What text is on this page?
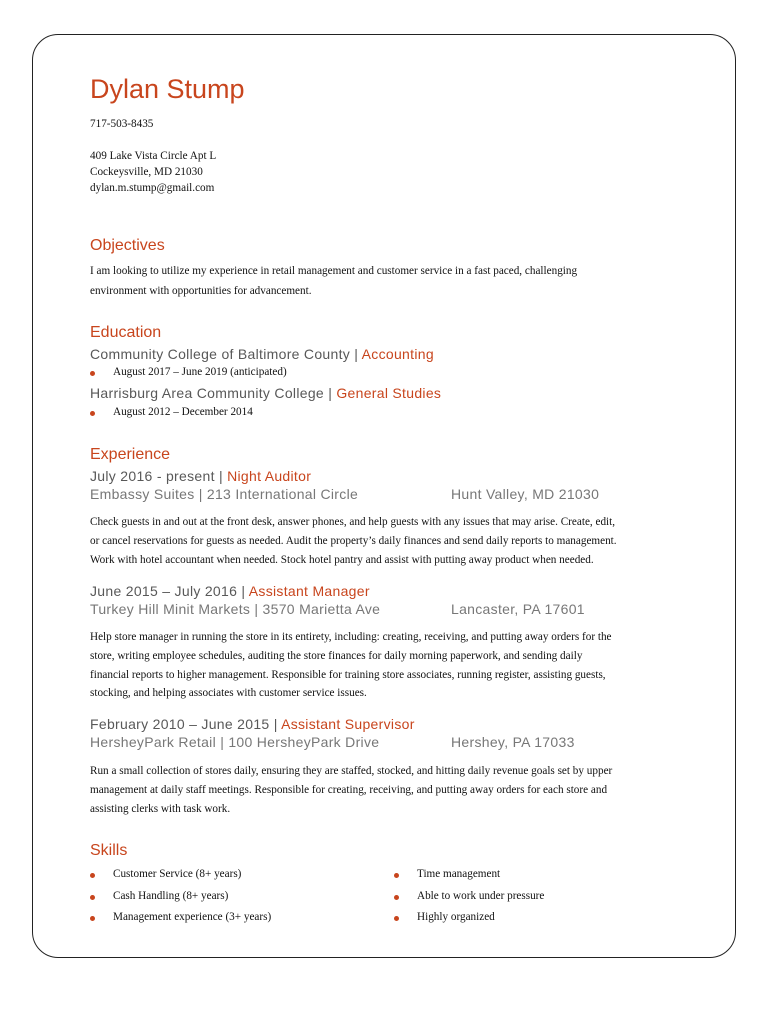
Dylan Stump
717-503-8435
409 Lake Vista Circle Apt L
Cockeysville, MD 21030
dylan.m.stump@gmail.com
Objectives
I am looking to utilize my experience in retail management and customer service in a fast paced, challenging
environment with opportunities for advancement.
Education
Community College of Baltimore County | Accounting
August 2017 – June 2019 (anticipated)
Harrisburg Area Community College | General Studies
August 2012 – December 2014
Experience
July 2016 - present | Night Auditor
Embassy Suites | 213 International Circle	Hunt Valley, MD 21030
Check guests in and out at the front desk, answer phones, and help guests with any issues that may arise. Create, edit,
or cancel reservations for guests as needed. Audit the property’s daily finances and send daily reports to management.
Work with hotel accountant when needed. Stock hotel pantry and assist with putting away product when needed.
June 2015 – July 2016 | Assistant Manager
Turkey Hill Minit Markets | 3570 Marietta Ave	Lancaster, PA 17601
Help store manager in running the store in its entirety, including: creating, receiving, and putting away orders for the
store, writing employee schedules, auditing the store finances for daily morning paperwork, and sending daily
financial reports to higher management. Responsible for training store associates, running register, assisting guests,
stocking, and helping associates with customer service issues.
February 2010 – June 2015 | Assistant Supervisor
HersheyPark Retail | 100 HersheyPark Drive	Hershey, PA 17033
Run a small collection of stores daily, ensuring they are staffed, stocked, and hitting daily revenue goals set by upper
management at daily staff meetings. Responsible for creating, receiving, and putting away orders for each store and
assisting clerks with task work.
Skills
Customer Service (8+ years)
Cash Handling (8+ years)
Management experience (3+ years)
Time management
Able to work under pressure
Highly organized
